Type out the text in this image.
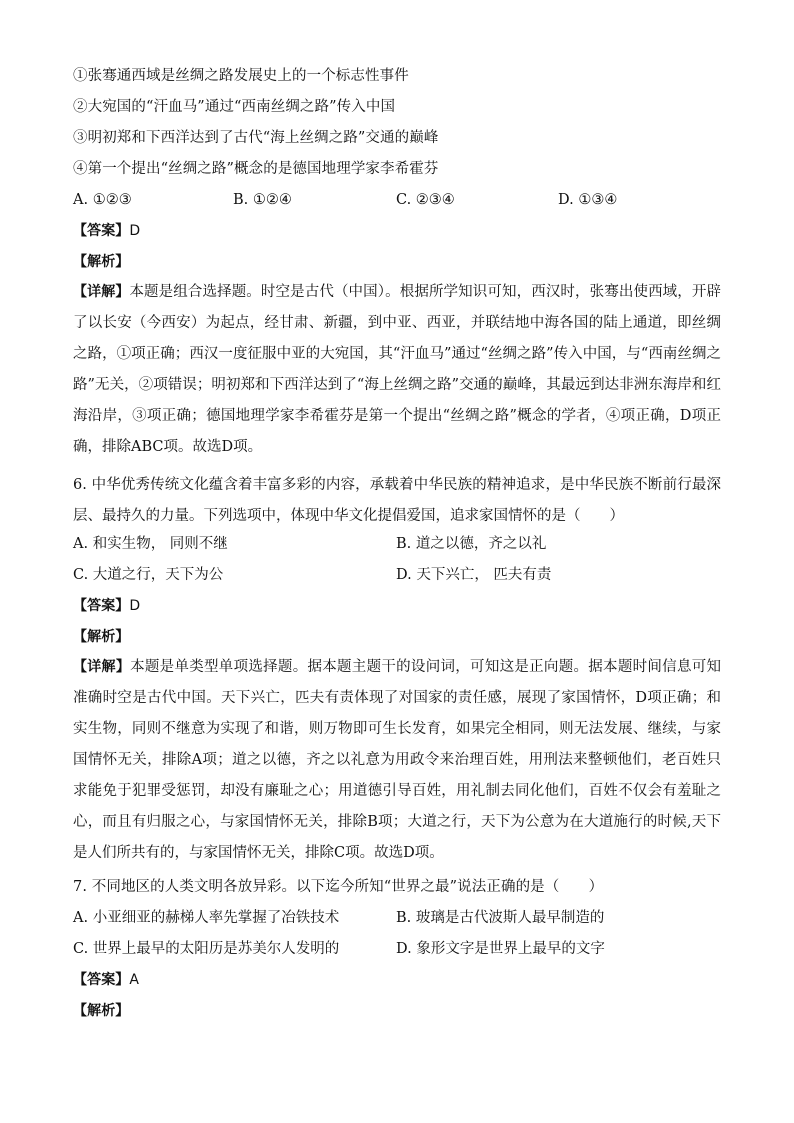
①张骞通西域是丝绸之路发展史上的一个标志性事件
②大宛国的“汗血马”通过“西南丝绸之路”传入中国
③明初郑和下西洋达到了古代“海上丝绸之路”交通的巅峰
④第一个提出“丝绸之路”概念的是德国地理学家李希霍芬
A. ①②③	B. ①②④	C. ②③④	D. ①③④
【答案】D
【解析】
【详解】本题是组合选择题。时空是古代（中国）。根据所学知识可知，西汉时，张骞出使西域，开辟了以长安（今西安）为起点，经甘肃、新疆，到中亚、西亚，并联结地中海各国的陆上通道，即丝绸之路，①项正确；西汉一度征服中亚的大宛国，其“汗血马”通过“丝绸之路”传入中国，与“西南丝绸之路”无关，②项错误；明初郑和下西洋达到了“海上丝绸之路”交通的巅峰，其最远到达非洲东海岸和红海沿岸，③项正确；德国地理学家李希霍芬是第一个提出“丝绸之路”概念的学者，④项正确，D项正确，排除ABC项。故选D项。
6. 中华优秀传统文化蕴含着丰富多彩的内容，承载着中华民族的精神追求，是中华民族不断前行最深层、最持久的力量。下列选项中，体现中华文化提倡爱国，追求家国情怀的是（　　）
A. 和实生物， 同则不继	B. 道之以德，齐之以礼
C. 大道之行，天下为公	D. 天下兴亡， 匹夫有责
【答案】D
【解析】
【详解】本题是单类型单项选择题。据本题主题干的设问词，可知这是正向题。据本题时间信息可知准确时空是古代中国。天下兴亡，匹夫有责体现了对国家的责任感，展现了家国情怀，D项正确；和实生物，同则不继意为实现了和谐，则万物即可生长发育，如果完全相同，则无法发展、继续，与家国情怀无关，排除A项；道之以德，齐之以礼意为用政令来治理百姓，用刑法来整顿他们，老百姓只求能免于犯罪受惩罚，却没有廉耻之心；用道德引导百姓，用礼制去同化他们，百姓不仅会有羞耻之心，而且有归服之心，与家国情怀无关，排除B项；大道之行，天下为公意为在大道施行的时候,天下是人们所共有的，与家国情怀无关，排除C项。故选D项。
7. 不同地区的人类文明各放异彩。以下迄今所知“世界之最”说法正确的是（　　）
A. 小亚细亚的赫梯人率先掌握了冶铁技术	B. 玻璃是古代波斯人最早制造的
C. 世界上最早的太阳历是苏美尔人发明的	D. 象形文字是世界上最早的文字
【答案】A
【解析】
